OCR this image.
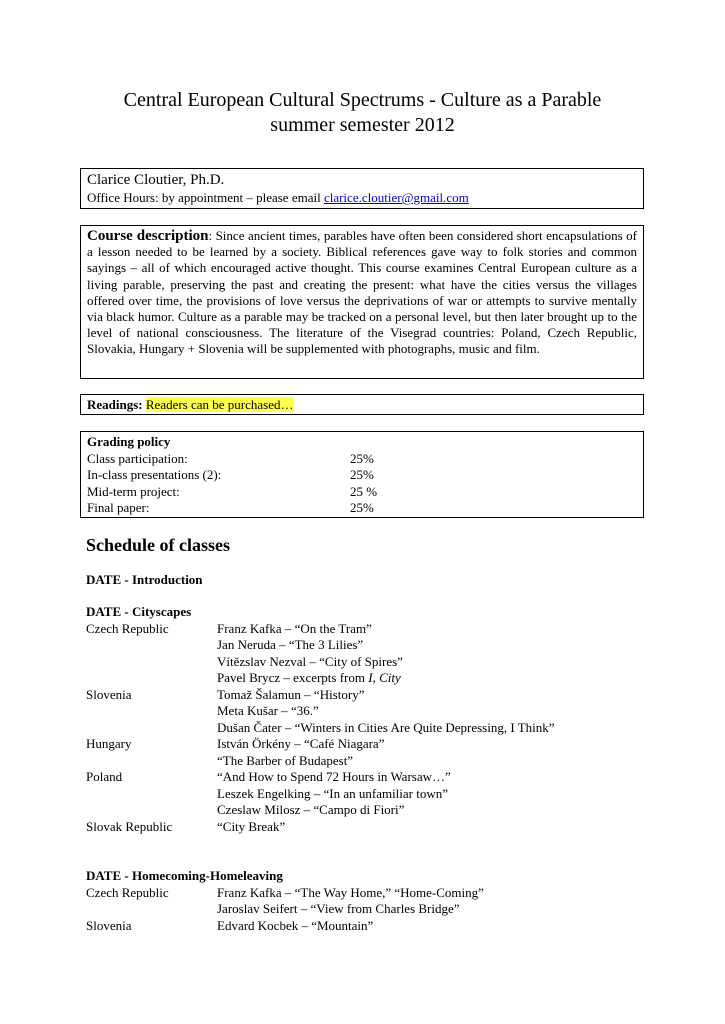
Central European Cultural Spectrums - Culture as a Parable
summer semester 2012
Clarice Cloutier, Ph.D.
Office Hours: by appointment – please email clarice.cloutier@gmail.com
Course description: Since ancient times, parables have often been considered short encapsulations of a lesson needed to be learned by a society. Biblical references gave way to folk stories and common sayings – all of which encouraged active thought. This course examines Central European culture as a living parable, preserving the past and creating the present: what have the cities versus the villages offered over time, the provisions of love versus the deprivations of war or attempts to survive mentally via black humor. Culture as a parable may be tracked on a personal level, but then later brought up to the level of national consciousness. The literature of the Visegrad countries: Poland, Czech Republic, Slovakia, Hungary + Slovenia will be supplemented with photographs, music and film.
Readings: Readers can be purchased…
Grading policy
Class participation:	25%
In-class presentations (2):	25%
Mid-term project:	25 %
Final paper:	25%
Schedule of classes
DATE - Introduction
DATE - Cityscapes
Czech Republic	Franz Kafka – “On the Tram”
Jan Neruda – “The 3 Lilies”
Vítězslav Nezval – “City of Spires”
Pavel Brycz – excerpts from I, City
Slovenia	Tomaž Šalamun – “History”
Meta Kušar – “36.”
Dušan Čater – “Winters in Cities Are Quite Depressing, I Think”
Hungary	István Örkény – “Café Niagara”
“The Barber of Budapest”
Poland	“And How to Spend 72 Hours in Warsaw…”
Leszek Engelking – “In an unfamiliar town”
Czeslaw Milosz – “Campo di Fiori”
Slovak Republic	“City Break”
DATE - Homecoming-Homeleaving
Czech Republic	Franz Kafka – “The Way Home,” “Home-Coming”
Jaroslav Seifert – “View from Charles Bridge”
Slovenia	Edvard Kocbek – “Mountain”
